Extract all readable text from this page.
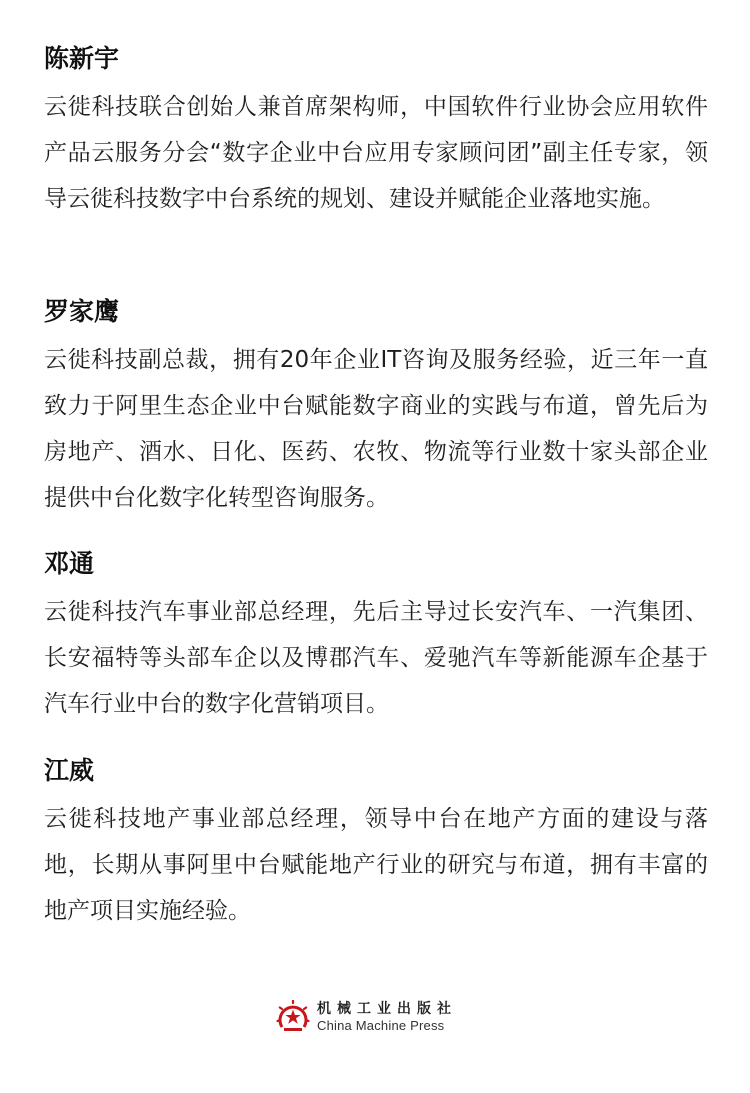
陈新宇

云徙科技联合创始人兼首席架构师，中国软件行业协会应用软件产品云服务分会“数字企业中台应用专家顾问团”副主任专家，领导云徙科技数字中台系统的规划、建设并赋能企业落地实施。

罗家鹰

云徙科技副总裁，拥有20年企业IT咨询及服务经验，近三年一直致力于阿里生态企业中台赋能数字商业的实践与布道，曾先后为房地产、酒水、日化、医药、农牧、物流等行业数十家头部企业提供中台化数字化转型咨询服务。

邓通

云徙科技汽车事业部总经理，先后主导过长安汽车、一汽集团、长安福特等头部车企以及博郡汽车、爱驰汽车等新能源车企基于汽车行业中台的数字化营销项目。

江威

云徙科技地产事业部总经理，领导中台在地产方面的建设与落地，长期从事阿里中台赋能地产行业的研究与布道，拥有丰富的地产项目实施经验。

机械工业出版社
China Machine Press
